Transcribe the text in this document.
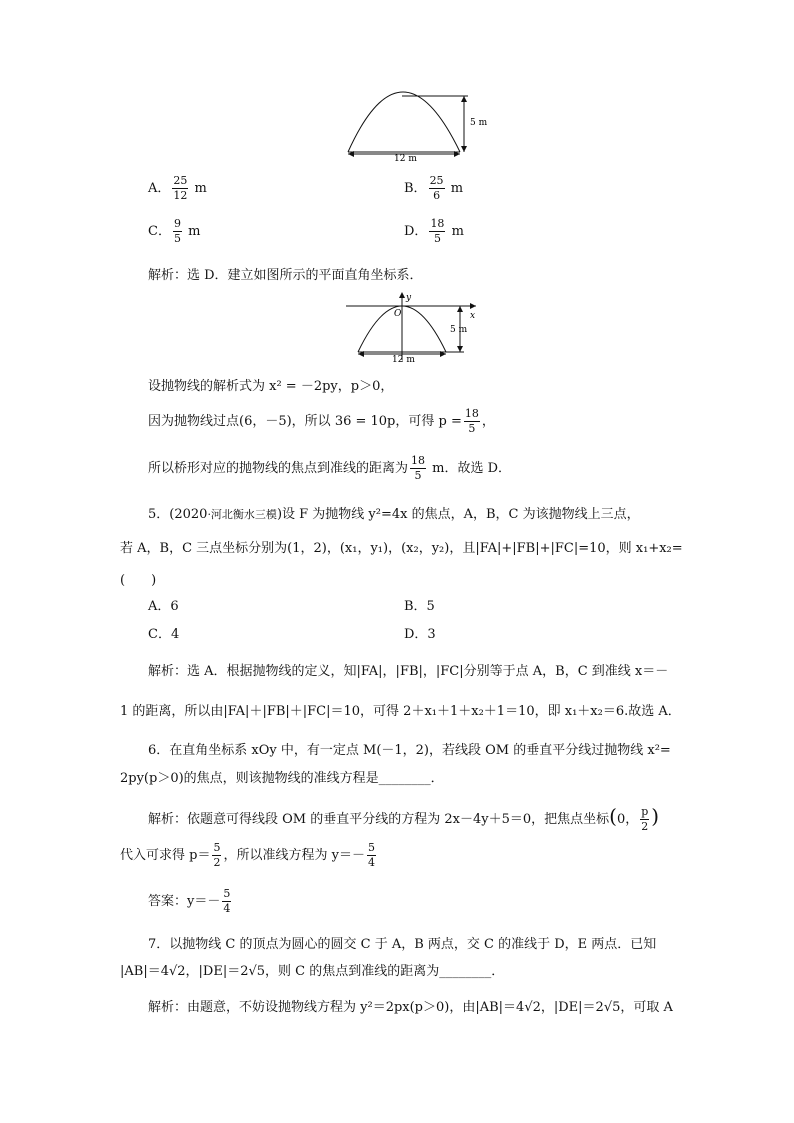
5 m
12 m
A． $\frac{25}{12}$ m	B． $\frac{25}{6}$ m
C． $\frac{9}{5}$ m	D． $\frac{18}{5}$ m
解析：选 D．建立如图所示的平面直角坐标系．
y
x
O
5 m
12 m
设抛物线的解析式为 x² = －2py，p＞0，
因为抛物线过点(6，－5)，所以 36 = 10p，可得 $p = \frac{18}{5}$ ，
所以桥形对应的抛物线的焦点到准线的距离为 $\frac{18}{5}$ m．故选 D．
5．(2020·河北衡水三模)设 F 为抛物线 y²=4x 的焦点，A，B，C 为该抛物线上三点，
若 A，B，C 三点坐标分别为(1，2)，(x₁，y₁)，(x₂，y₂)，且|FA|+|FB|+|FC|=10，则 x₁+x₂=
(　　)
A．6	B．5
C．4	D．3
解析：选 A．根据抛物线的定义，知|FA|，|FB|，|FC|分别等于点 A，B，C 到准线 x＝－
1 的距离，所以由|FA|＋|FB|＋|FC|＝10，可得 2＋x₁＋1＋x₂＋1＝10，即 x₁＋x₂＝6.故选 A．
6．在直角坐标系 xOy 中，有一定点 M(－1，2)，若线段 OM 的垂直平分线过抛物线 x²=
2py(p＞0)的焦点，则该抛物线的准线方程是________．
解析：依题意可得线段 OM 的垂直平分线的方程为 2x－4y＋5＝0，把焦点坐标(0， $\frac{p}{2}$ )
代入可求得 $p= \frac{5}{2}$ ，所以准线方程为 $y=- \frac{5}{4}$
答案：$y=- \frac{5}{4}$
7．以抛物线 C 的顶点为圆心的圆交 C 于 A，B 两点，交 C 的准线于 D，E 两点．已知
|AB|＝4√2，|DE|＝2√5，则 C 的焦点到准线的距离为________．
解析：由题意，不妨设抛物线方程为 y²＝2px(p＞0)，由|AB|＝4√2，|DE|＝2√5，可取 A
